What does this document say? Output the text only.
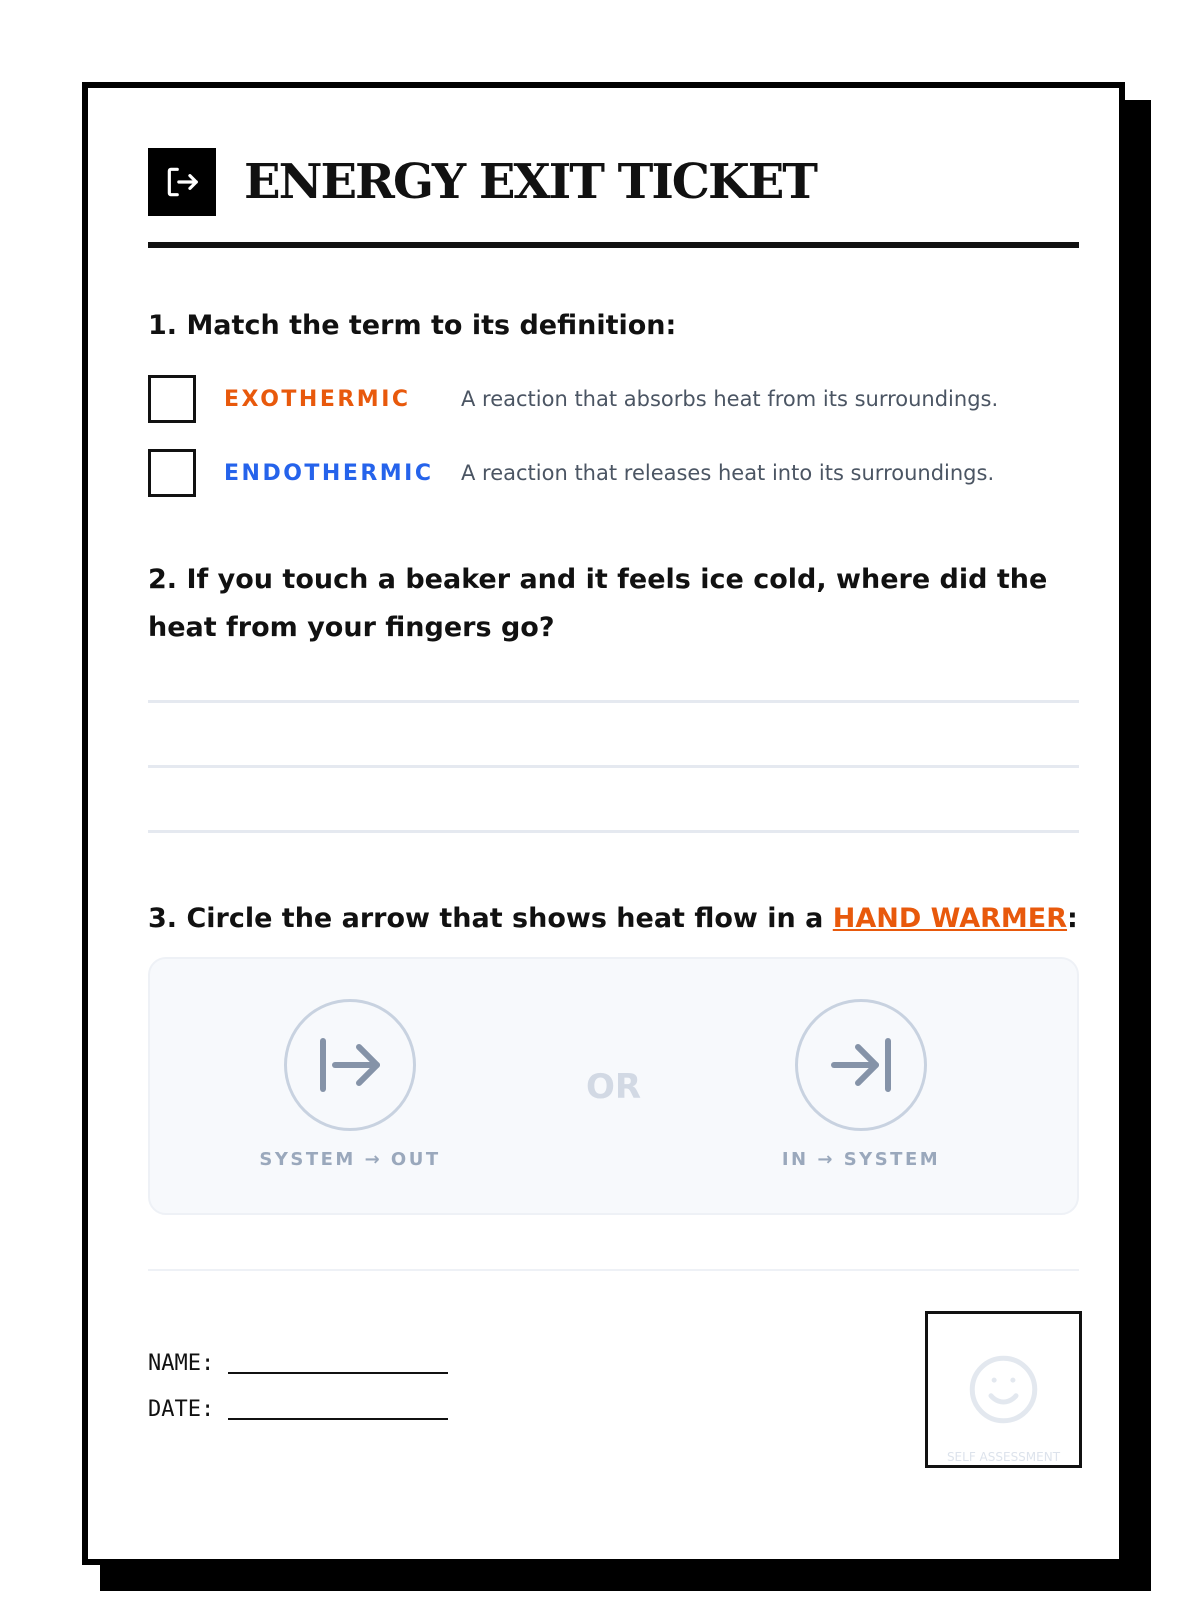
ENERGY EXIT TICKET

1. Match the term to its definition:

EXOTHERMIC	A reaction that absorbs heat from its surroundings.
ENDOTHERMIC	A reaction that releases heat into its surroundings.

2. If you touch a beaker and it feels ice cold, where did the heat from your fingers go?

3. Circle the arrow that shows heat flow in a HAND WARMER:

SYSTEM → OUT
OR
IN → SYSTEM
NAME:
DATE:
SELF ASSESSMENT
